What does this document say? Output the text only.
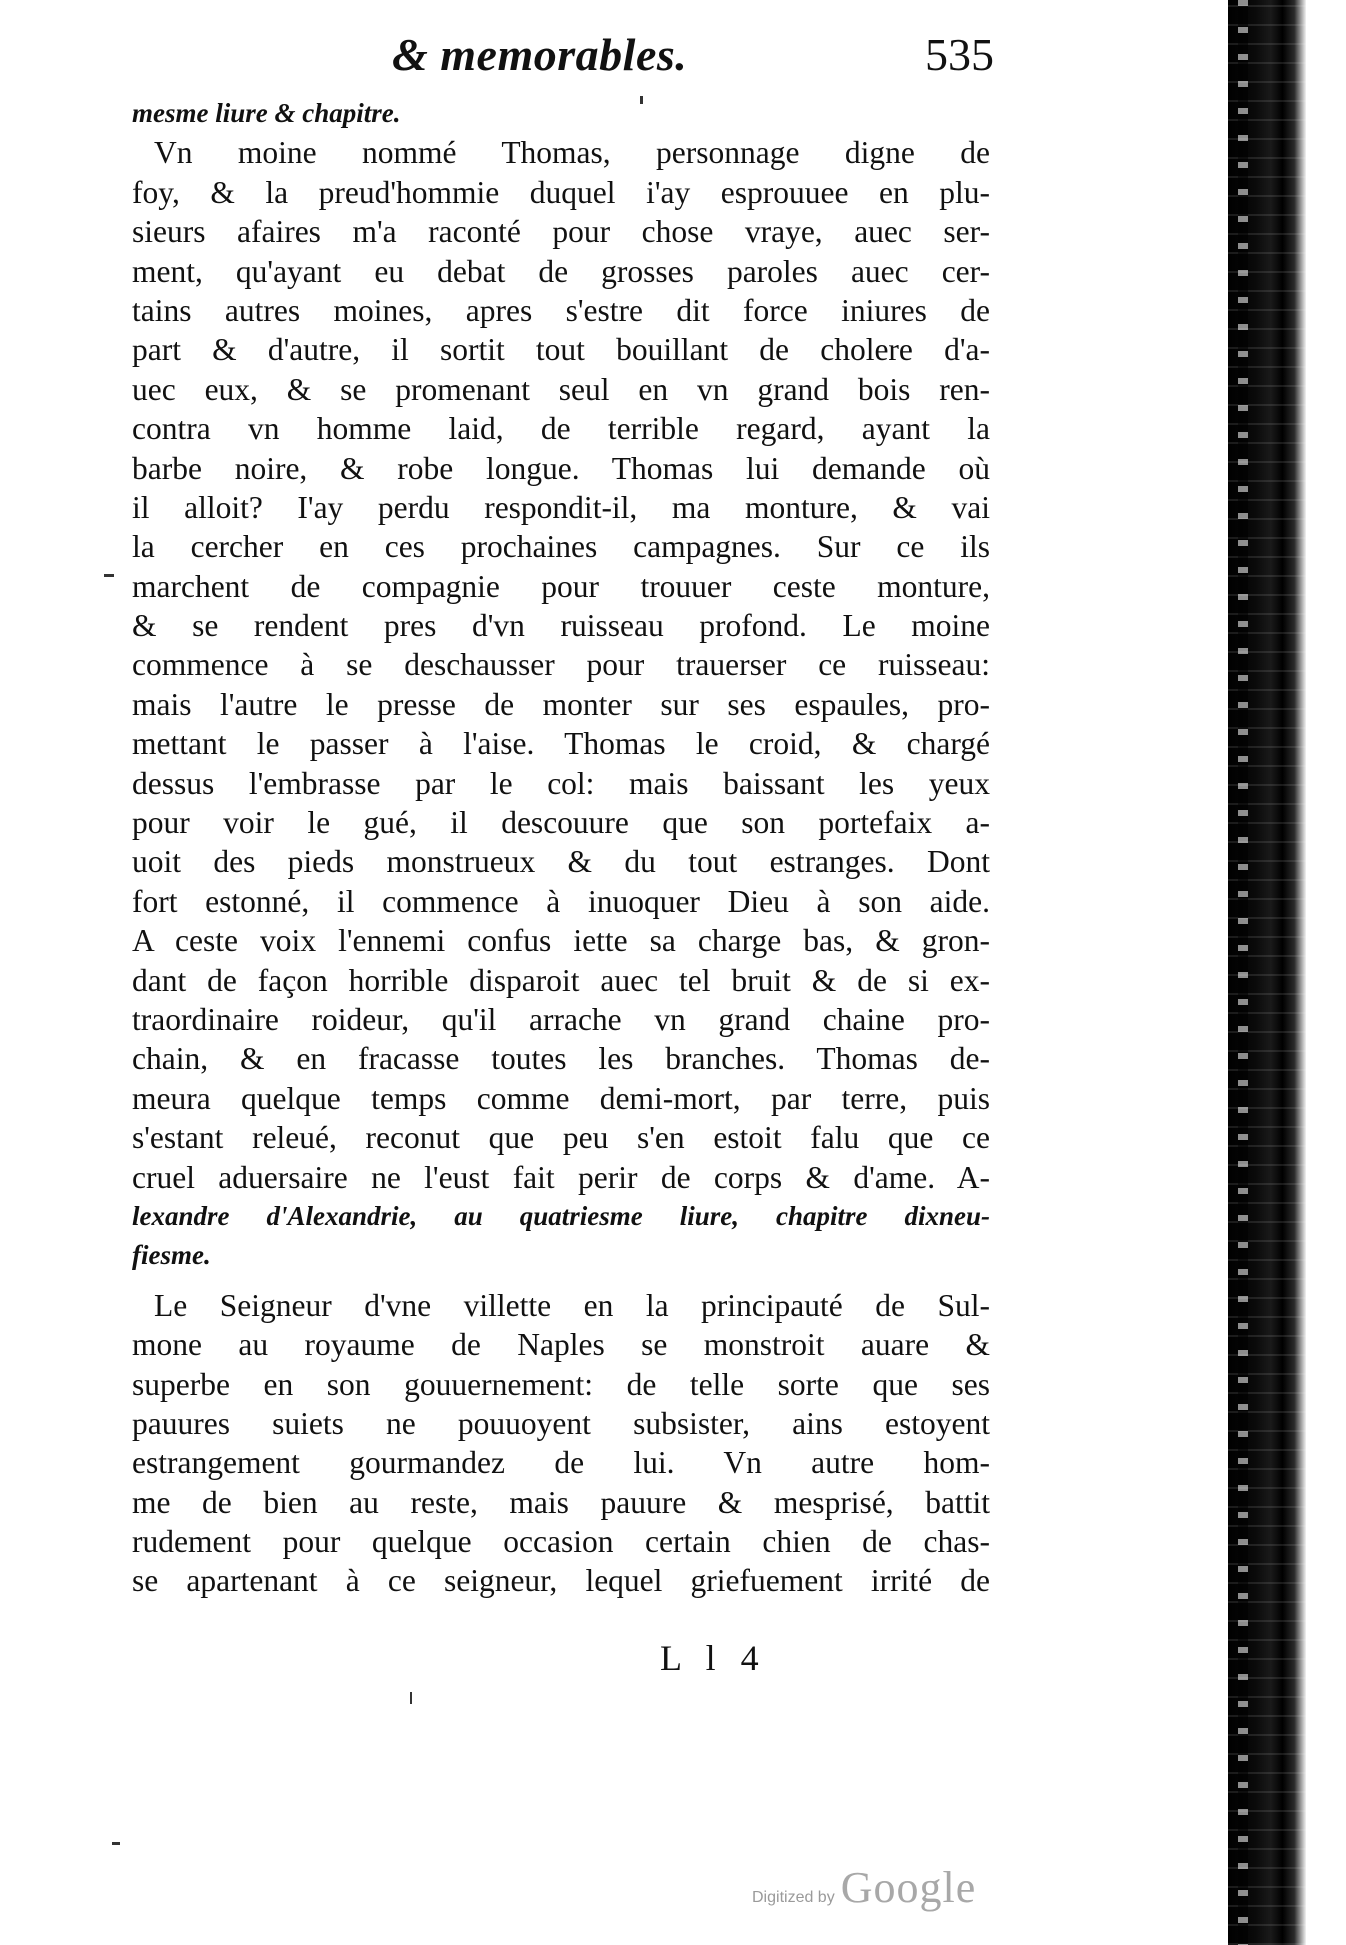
& memorables.	535
mesme liure & chapitre.
Vn moine nommé Thomas, personnage digne de
foy, & la preud'hommie duquel i'ay esprouuee en plu-
sieurs afaires m'a raconté pour chose vraye, auec ser-
ment, qu'ayant eu debat de grosses paroles auec cer-
tains autres moines, apres s'estre dit force iniures de
part & d'autre, il sortit tout bouillant de cholere d'a-
uec eux, & se promenant seul en vn grand bois ren-
contra vn homme laid, de terrible regard, ayant la
barbe noire, & robe longue. Thomas lui demande où
il alloit? I'ay perdu respondit-il, ma monture, & vai
la cercher en ces prochaines campagnes. Sur ce ils
marchent de compagnie pour trouuer ceste monture,
& se rendent pres d'vn ruisseau profond. Le moine
commence à se deschausser pour trauerser ce ruisseau:
mais l'autre le presse de monter sur ses espaules, pro-
mettant le passer à l'aise. Thomas le croid, & chargé
dessus l'embrasse par le col: mais baissant les yeux
pour voir le gué, il descouure que son portefaix a-
uoit des pieds monstrueux & du tout estranges. Dont
fort estonné, il commence à inuoquer Dieu à son aide.
A ceste voix l'ennemi confus iette sa charge bas, & gron-
dant de façon horrible disparoit auec tel bruit & de si ex-
traordinaire roideur, qu'il arrache vn grand chaine pro-
chain, & en fracasse toutes les branches. Thomas de-
meura quelque temps comme demi-mort, par terre, puis
s'estant releué, reconut que peu s'en estoit falu que ce
cruel aduersaire ne l'eust fait perir de corps & d'ame. A-
lexandre d'Alexandrie, au quatriesme liure, chapitre dixneu-
fiesme.
Le Seigneur d'vne villette en la principauté de Sul-
mone au royaume de Naples se monstroit auare &
superbe en son gouuernement: de telle sorte que ses
pauures suiets ne pouuoyent subsister, ains estoyent
estrangement gourmandez de lui. Vn autre hom-
me de bien au reste, mais pauure & mesprisé, battit
rudement pour quelque occasion certain chien de chas-
se apartenant à ce seigneur, lequel griefuement irrité de
L l 4
Digitized by Google
